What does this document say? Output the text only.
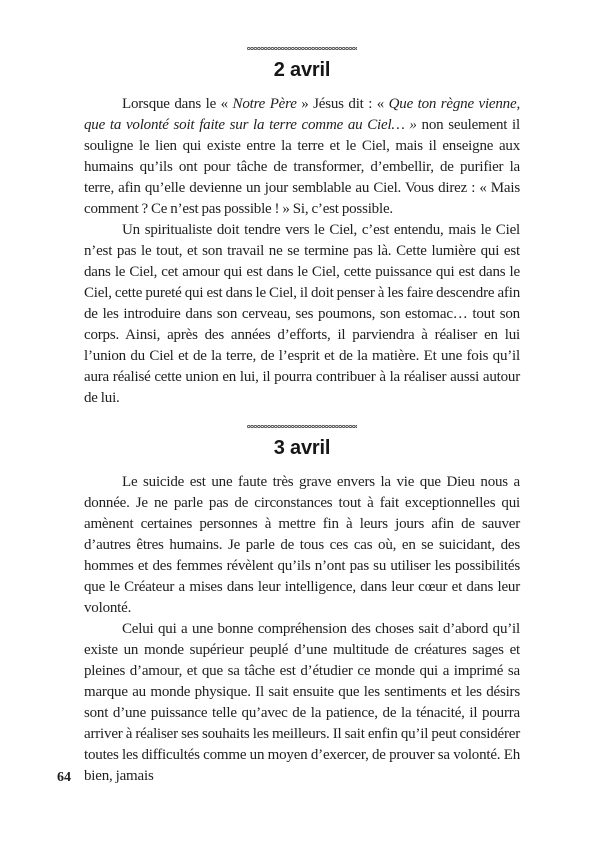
2 avril

Lorsque dans le « Notre Père » Jésus dit : « Que ton règne vienne, que ta volonté soit faite sur la terre comme au Ciel… » non seulement il souligne le lien qui existe entre la terre et le Ciel, mais il enseigne aux humains qu’ils ont pour tâche de transformer, d’embellir, de purifier la terre, afin qu’elle devienne un jour semblable au Ciel. Vous direz : « Mais comment ? Ce n’est pas possible ! » Si, c’est possible.

Un spiritualiste doit tendre vers le Ciel, c’est entendu, mais le Ciel n’est pas le tout, et son travail ne se termine pas là. Cette lumière qui est dans le Ciel, cet amour qui est dans le Ciel, cette puissance qui est dans le Ciel, cette pureté qui est dans le Ciel, il doit penser à les faire descendre afin de les introduire dans son cerveau, ses poumons, son estomac… tout son corps. Ainsi, après des années d’efforts, il parviendra à réaliser en lui l’union du Ciel et de la terre, de l’esprit et de la matière. Et une fois qu’il aura réalisé cette union en lui, il pourra contribuer à la réaliser aussi autour de lui.

3 avril

Le suicide est une faute très grave envers la vie que Dieu nous a donnée. Je ne parle pas de circonstances tout à fait exceptionnelles qui amènent certaines personnes à mettre fin à leurs jours afin de sauver d’autres êtres humains. Je parle de tous ces cas où, en se suicidant, des hommes et des femmes révèlent qu’ils n’ont pas su utiliser les possibilités que le Créateur a mises dans leur intelligence, dans leur cœur et dans leur volonté.

Celui qui a une bonne compréhension des choses sait d’abord qu’il existe un monde supérieur peuplé d’une multitude de créatures sages et pleines d’amour, et que sa tâche est d’étudier ce monde qui a imprimé sa marque au monde physique. Il sait ensuite que les sentiments et les désirs sont d’une puissance telle qu’avec de la patience, de la ténacité, il pourra arriver à réaliser ses souhaits les meilleurs. Il sait enfin qu’il peut considérer toutes les difficultés comme un moyen d’exercer, de prouver sa volonté. Eh bien, jamais

64
